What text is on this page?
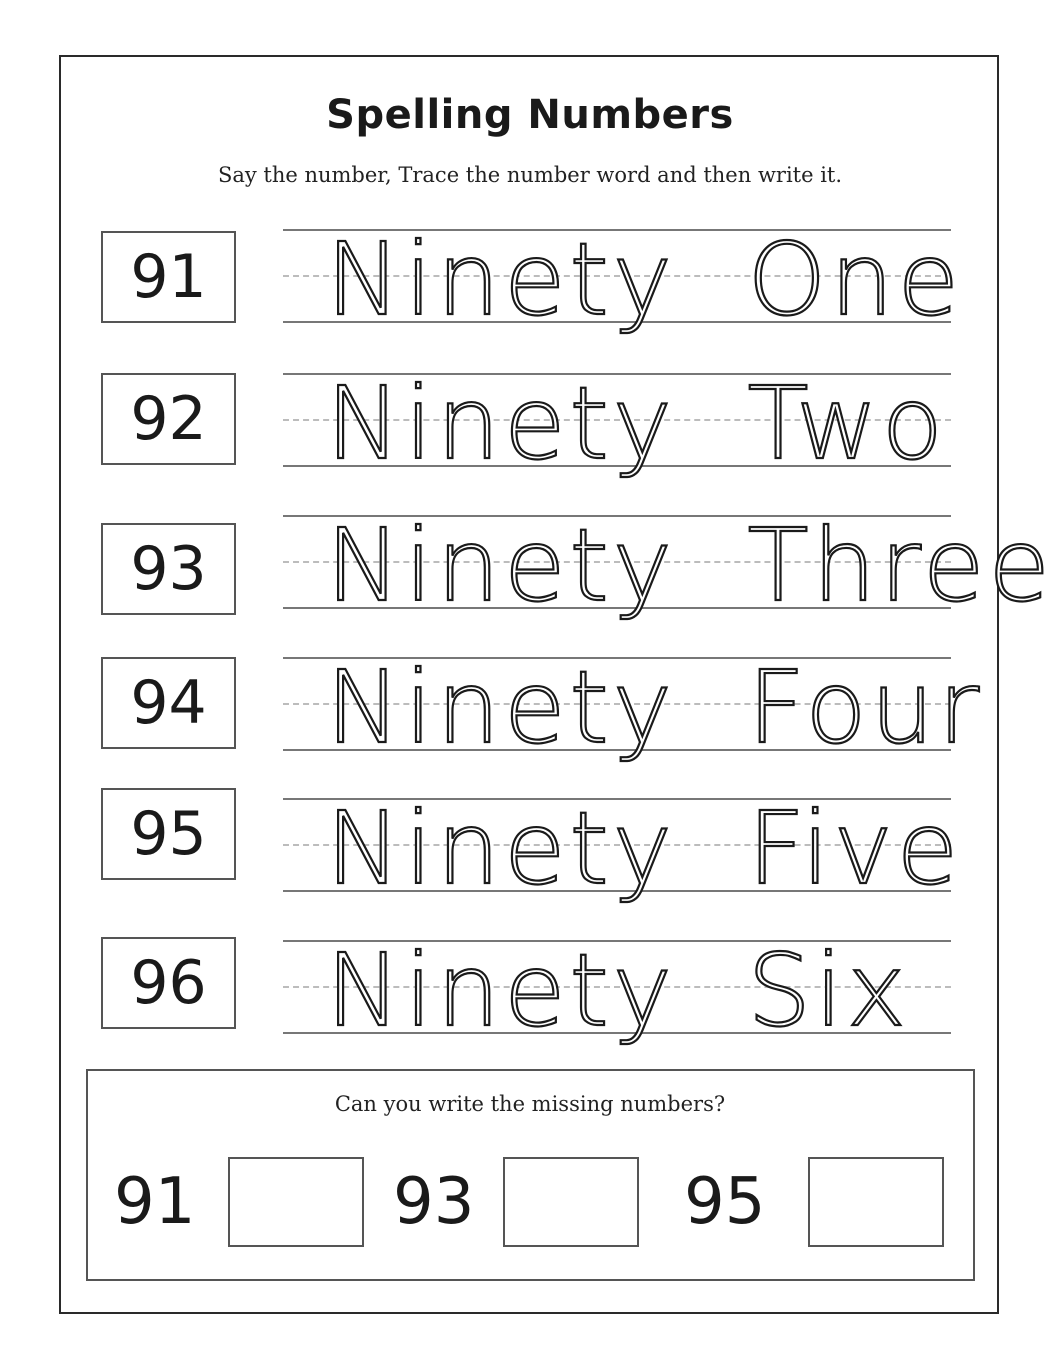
Spelling Numbers
Say the number, Trace the number word and then write it.
91 Ninety  One
92 Ninety  Two
93 Ninety  Three
94 Ninety  Four
95 Ninety  Five
96 Ninety  Six
Can you write the missing numbers?
91	93	95
